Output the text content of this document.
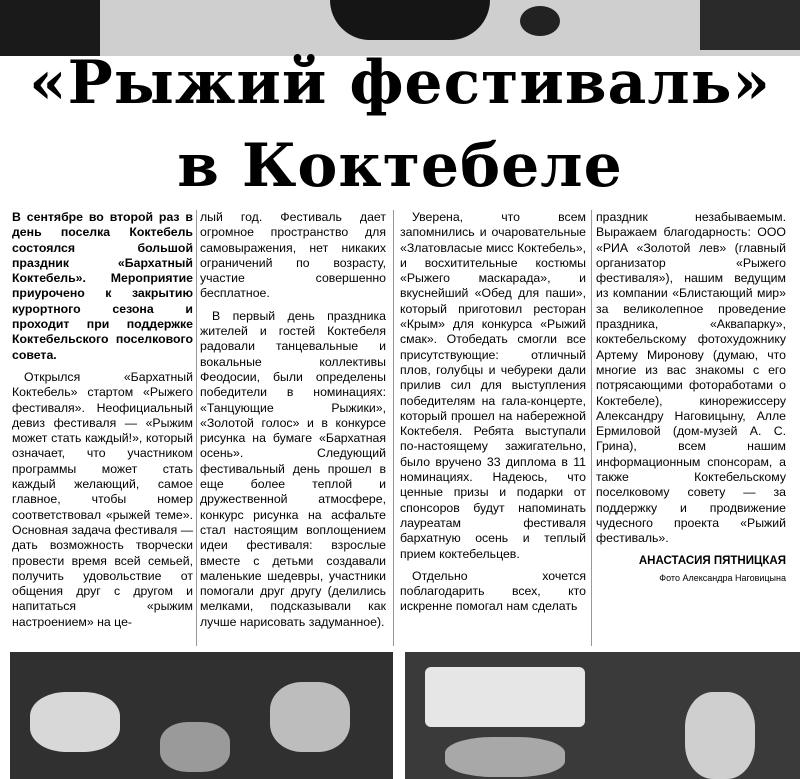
«Рыжий фестиваль»
в Коктебеле

В сентябре во второй раз в день поселка Коктебель состоялся большой праздник «Бархатный Коктебель». Мероприятие приурочено к закрытию курортного сезона и проходит при поддержке Коктебельского поселкового совета.

Открылся «Бархатный Коктебель» стартом «Рыжего фестиваля». Неофициальный девиз фестиваля — «Рыжим может стать каждый!», который означает, что участником программы может стать каждый желающий, самое главное, чтобы номер соответствовал «рыжей теме». Основная задача фестиваля — дать возможность творчески провести время всей семьей, получить удовольствие от общения друг с другом и напитаться «рыжим настроением» на це-

лый год. Фестиваль дает огромное пространство для самовыражения, нет никаких ограничений по возрасту, участие совершенно бесплатное.

В первый день праздника жителей и гостей Коктебеля радовали танцевальные и вокальные коллективы Феодосии, были определены победители в номинациях: «Танцующие Рыжики», «Золотой голос» и в конкурсе рисунка на бумаге «Бархатная осень». Следующий фестивальный день прошел в еще более теплой и дружественной атмосфере, конкурс рисунка на асфальте стал настоящим воплощением идеи фестиваля: взрослые вместе с детьми создавали маленькие шедевры, участники помогали друг другу (делились мелками, подсказывали как лучше нарисовать задуманное).

Уверена, что всем запомнились и очаровательные «Златовласые мисс Коктебель», и восхитительные костюмы «Рыжего маскарада», и вкуснейший «Обед для паши», который приготовил ресторан «Крым» для конкурса «Рыжий смак». Отобедать смогли все присутствующие: отличный плов, голубцы и чебуреки дали прилив сил для выступления победителям на гала-концерте, который прошел на набережной Коктебеля. Ребята выступали по-настоящему зажигательно, было вручено 33 диплома в 11 номинациях. Надеюсь, что ценные призы и подарки от спонсоров будут напоминать лауреатам фестиваля бархатную осень и теплый прием коктебельцев.

Отдельно хочется поблагодарить всех, кто искренне помогал нам сделать

праздник незабываемым. Выражаем благодарность: ООО «РИА «Золотой лев» (главный организатор «Рыжего фестиваля»), нашим ведущим из компании «Блистающий мир» за великолепное проведение праздника, «Аквапарку», коктебельскому фотохудожнику Артему Миронову (думаю, что многие из вас знакомы с его потрясающими фотоработами о Коктебеле), кинорежиссеру Александру Наговицыну, Алле Ермиловой (дом-музей А. С. Грина), всем нашим информационным спонсорам, а также Коктебельскому поселковому совету — за поддержку и продвижение чудесного проекта «Рыжий фестиваль».

АНАСТАСИЯ ПЯТНИЦКАЯ
Фото Александра Наговицына
